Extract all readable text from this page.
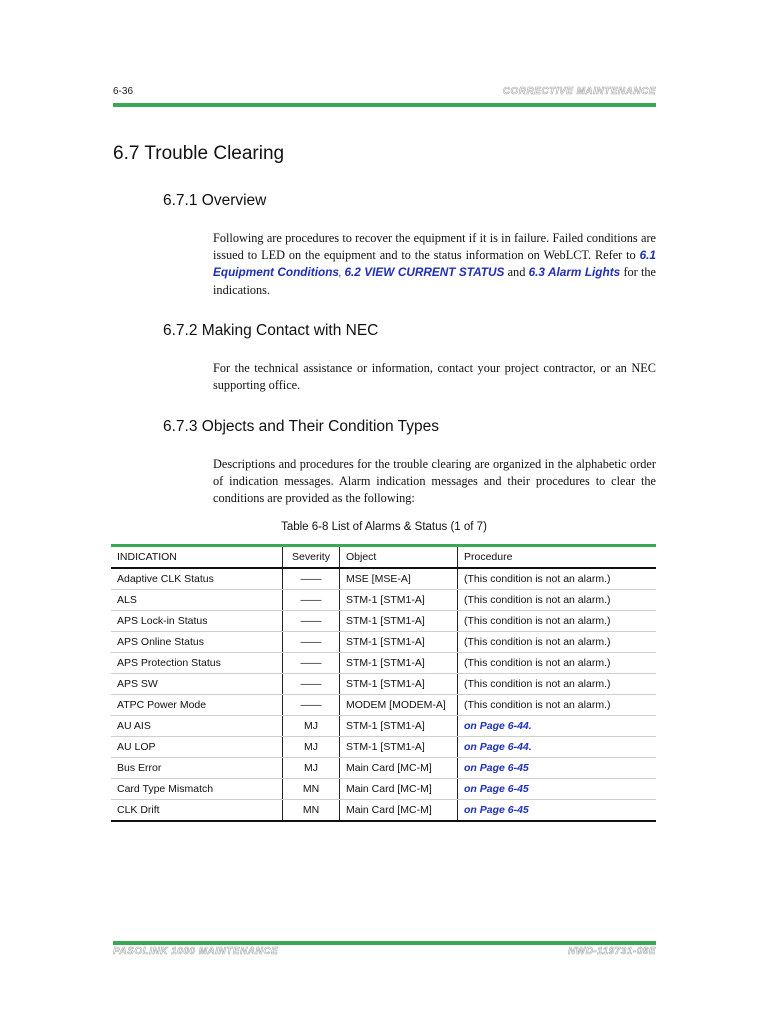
6-36	CORRECTIVE MAINTENANCE
6.7 Trouble Clearing
6.7.1 Overview
Following are procedures to recover the equipment if it is in failure. Failed conditions are issued to LED on the equipment and to the status information on WebLCT. Refer to 6.1 Equipment Conditions, 6.2 VIEW CURRENT STATUS and 6.3 Alarm Lights for the indications.
6.7.2 Making Contact with NEC
For the technical assistance or information, contact your project contractor, or an NEC supporting office.
6.7.3 Objects and Their Condition Types
Descriptions and procedures for the trouble clearing are organized in the alphabetic order of indication messages. Alarm indication messages and their procedures to clear the conditions are provided as the following:
Table 6-8 List of Alarms & Status (1 of 7)
INDICATION	Severity	Object	Procedure
Adaptive CLK Status	——	MSE [MSE-A]	(This condition is not an alarm.)
ALS	——	STM-1 [STM1-A]	(This condition is not an alarm.)
APS Lock-in Status	——	STM-1 [STM1-A]	(This condition is not an alarm.)
APS Online Status	——	STM-1 [STM1-A]	(This condition is not an alarm.)
APS Protection Status	——	STM-1 [STM1-A]	(This condition is not an alarm.)
APS SW	——	STM-1 [STM1-A]	(This condition is not an alarm.)
ATPC Power Mode	——	MODEM [MODEM-A]	(This condition is not an alarm.)
AU AIS	MJ	STM-1 [STM1-A]	on Page 6-44.
AU LOP	MJ	STM-1 [STM1-A]	on Page 6-44.
Bus Error	MJ	Main Card [MC-M]	on Page 6-45
Card Type Mismatch	MN	Main Card [MC-M]	on Page 6-45
CLK Drift	MN	Main Card [MC-M]	on Page 6-45
PASOLINK 1000 MAINTENANCE	NWD-119731-06E
